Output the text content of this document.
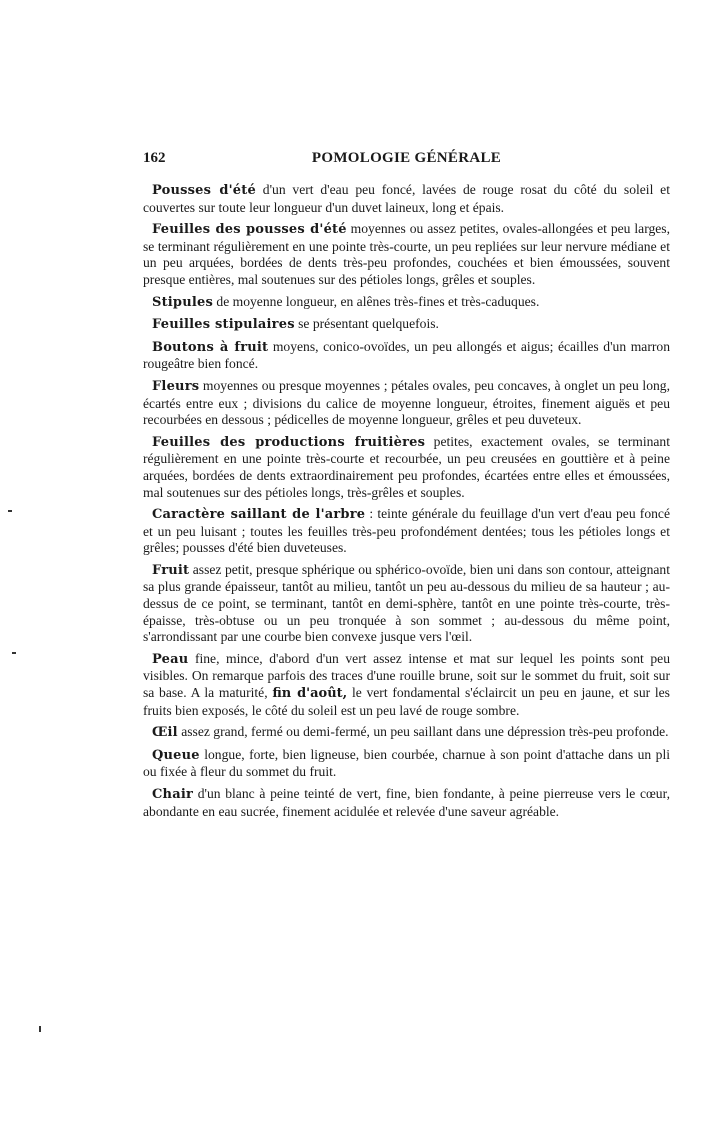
162	POMOLOGIE GÉNÉRALE

Pousses d'été d'un vert d'eau peu foncé, lavées de rouge rosat du côté du soleil et couvertes sur toute leur longueur d'un duvet laineux, long et épais.

Feuilles des pousses d'été moyennes ou assez petites, ovales-allongées et peu larges, se terminant régulièrement en une pointe très-courte, un peu repliées sur leur nervure médiane et un peu arquées, bordées de dents très-peu profondes, couchées et bien émoussées, souvent presque entières, mal soutenues sur des pétioles longs, grêles et souples.

Stipules de moyenne longueur, en alênes très-fines et très-caduques.

Feuilles stipulaires se présentant quelquefois.

Boutons à fruit moyens, conico-ovoïdes, un peu allongés et aigus; écailles d'un marron rougeâtre bien foncé.

Fleurs moyennes ou presque moyennes ; pétales ovales, peu concaves, à onglet un peu long, écartés entre eux ; divisions du calice de moyenne longueur, étroites, finement aiguës et peu recourbées en dessous ; pédicelles de moyenne longueur, grêles et peu duveteux.

Feuilles des productions fruitières petites, exactement ovales, se terminant régulièrement en une pointe très-courte et recourbée, un peu creusées en gouttière et à peine arquées, bordées de dents extraordinairement peu profondes, écartées entre elles et émoussées, mal soutenues sur des pétioles longs, très-grêles et souples.

Caractère saillant de l'arbre : teinte générale du feuillage d'un vert d'eau peu foncé et un peu luisant ; toutes les feuilles très-peu profondément dentées; tous les pétioles longs et grêles; pousses d'été bien duveteuses.

Fruit assez petit, presque sphérique ou sphérico-ovoïde, bien uni dans son contour, atteignant sa plus grande épaisseur, tantôt au milieu, tantôt un peu au-dessous du milieu de sa hauteur ; au-dessus de ce point, se terminant, tantôt en demi-sphère, tantôt en une pointe très-courte, très-épaisse, très-obtuse ou un peu tronquée à son sommet ; au-dessous du même point, s'arrondissant par une courbe bien convexe jusque vers l'œil.

Peau fine, mince, d'abord d'un vert assez intense et mat sur lequel les points sont peu visibles. On remarque parfois des traces d'une rouille brune, soit sur le sommet du fruit, soit sur sa base. A la maturité, fin d'août, le vert fondamental s'éclaircit un peu en jaune, et sur les fruits bien exposés, le côté du soleil est un peu lavé de rouge sombre.

Œil assez grand, fermé ou demi-fermé, un peu saillant dans une dépression très-peu profonde.

Queue longue, forte, bien ligneuse, bien courbée, charnue à son point d'attache dans un pli ou fixée à fleur du sommet du fruit.

Chair d'un blanc à peine teinté de vert, fine, bien fondante, à peine pierreuse vers le cœur, abondante en eau sucrée, finement acidulée et relevée d'une saveur agréable.
